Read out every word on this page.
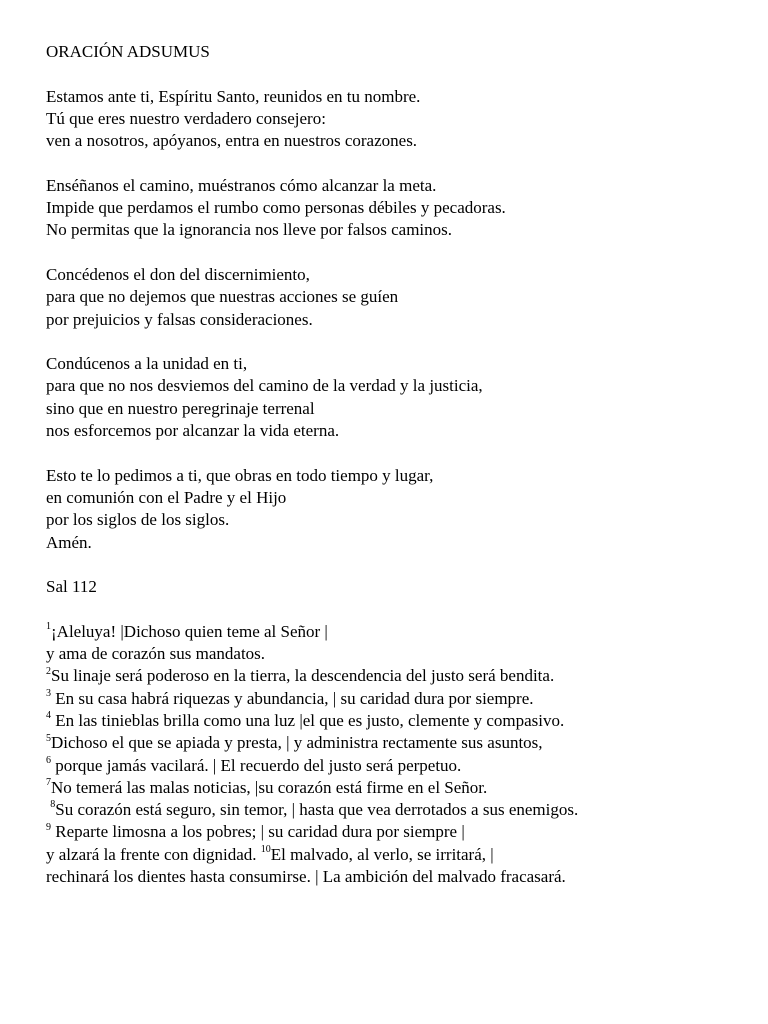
ORACIÓN ADSUMUS
Estamos ante ti, Espíritu Santo, reunidos en tu nombre.
Tú que eres nuestro verdadero consejero:
ven a nosotros, apóyanos, entra en nuestros corazones.
Enséñanos el camino, muéstranos cómo alcanzar la meta.
Impide que perdamos el rumbo como personas débiles y pecadoras.
No permitas que la ignorancia nos lleve por falsos caminos.
Concédenos el don del discernimiento,
para que no dejemos que nuestras acciones se guíen
por prejuicios y falsas consideraciones.
Condúcenos a la unidad en ti,
para que no nos desviemos del camino de la verdad y la justicia,
sino que en nuestro peregrinaje terrenal
nos esforcemos por alcanzar la vida eterna.
Esto te lo pedimos a ti, que obras en todo tiempo y lugar,
en comunión con el Padre y el Hijo
por los siglos de los siglos.
Amén.
Sal 112
$^1$¡Aleluya! |Dichoso quien teme al Señor |
y ama de corazón sus mandatos.
$^2$Su linaje será poderoso en la tierra, la descendencia del justo será bendita.
$^3$ En su casa habrá riquezas y abundancia, | su caridad dura por siempre.
$^4$ En las tinieblas brilla como una luz |el que es justo, clemente y compasivo.
$^5$Dichoso el que se apiada y presta, | y administra rectamente sus asuntos,
$^6$ porque jamás vacilará. | El recuerdo del justo será perpetuo.
$^7$No temerá las malas noticias, |su corazón está firme en el Señor.
$^8$Su corazón está seguro, sin temor, | hasta que vea derrotados a sus enemigos.
$^9$ Reparte limosna a los pobres; | su caridad dura por siempre |
y alzará la frente con dignidad. $^{10}$El malvado, al verlo, se irritará, |
rechinará los dientes hasta consumirse. | La ambición del malvado fracasará.
